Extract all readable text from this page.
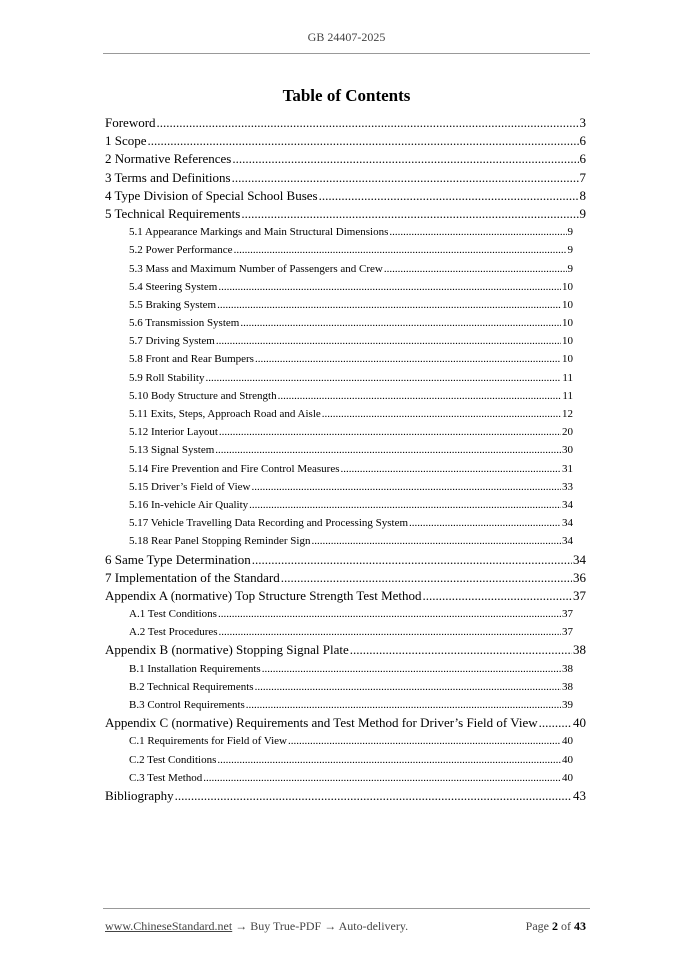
GB 24407-2025
Table of Contents
Foreword .....	3
1 Scope .....	6
2 Normative References .....	6
3 Terms and Definitions .....	7
4 Type Division of Special School Buses .....	8
5 Technical Requirements .....	9
5.1 Appearance Markings and Main Structural Dimensions .....	9
5.2 Power Performance .....	9
5.3 Mass and Maximum Number of Passengers and Crew .....	9
5.4 Steering System .....	10
5.5 Braking System .....	10
5.6 Transmission System .....	10
5.7 Driving System .....	10
5.8 Front and Rear Bumpers .....	10
5.9 Roll Stability .....	11
5.10 Body Structure and Strength .....	11
5.11 Exits, Steps, Approach Road and Aisle .....	12
5.12 Interior Layout .....	20
5.13 Signal System .....	30
5.14 Fire Prevention and Fire Control Measures .....	31
5.15 Driver’s Field of View .....	33
5.16 In-vehicle Air Quality .....	34
5.17 Vehicle Travelling Data Recording and Processing System .....	34
5.18 Rear Panel Stopping Reminder Sign .....	34
6 Same Type Determination .....	34
7 Implementation of the Standard .....	36
Appendix A (normative) Top Structure Strength Test Method .....	37
A.1 Test Conditions .....	37
A.2 Test Procedures .....	37
Appendix B (normative) Stopping Signal Plate .....	38
B.1 Installation Requirements .....	38
B.2 Technical Requirements .....	38
B.3 Control Requirements .....	39
Appendix C (normative) Requirements and Test Method for Driver’s Field of View .....	40
C.1 Requirements for Field of View .....	40
C.2 Test Conditions .....	40
C.3 Test Method .....	40
Bibliography .....	43
www.ChineseStandard.net → Buy True-PDF → Auto-delivery.	Page 2 of 43
